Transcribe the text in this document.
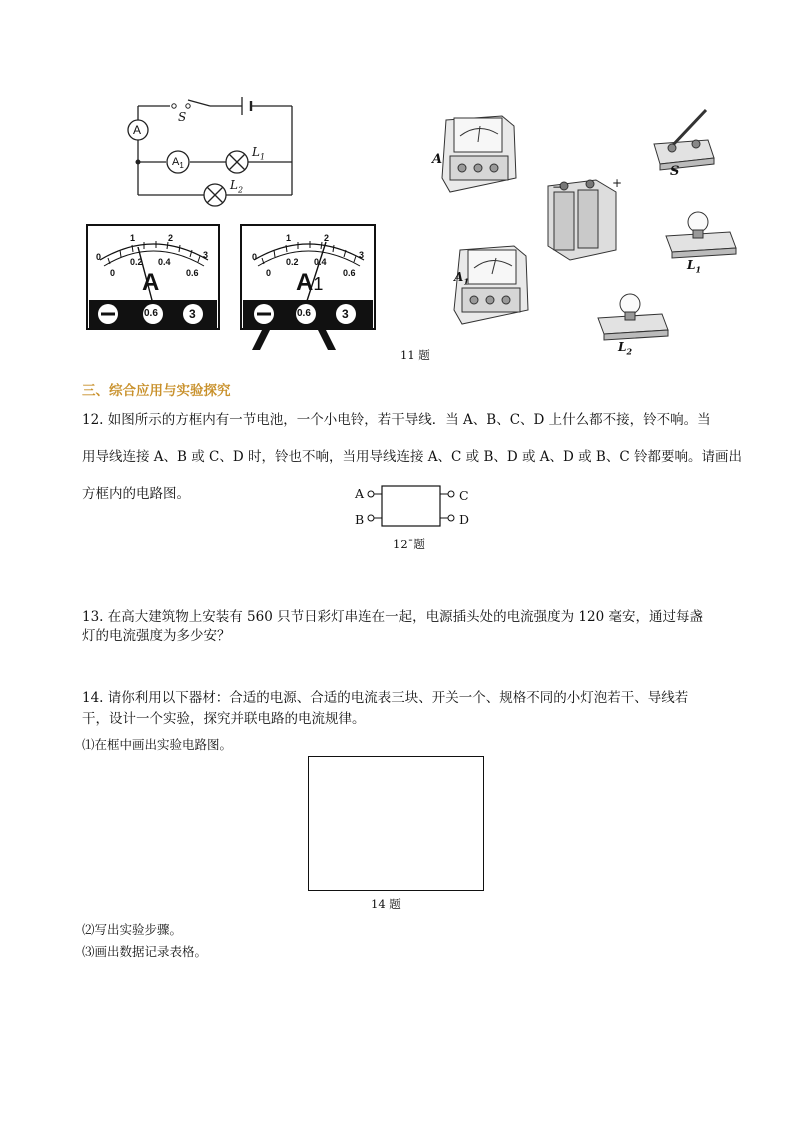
A
S
$A_1$
$L_1$
$L_2$
0
1	2
3
0
0.2 0.4
0.6
A
0.6	3
0
1	2
3
0
0.2 0.4
0.6
A1
0.6	3
A
$A_1$
S
$L_1$
$L_2$
−	+
11 题
三、综合应用与实验探究
12. 如图所示的方框内有一节电池，一个小电铃，若干导线．当 A、B、C、D 上什么都不接，铃不响。当
用导线连接 A、B 或 C、D 时，铃也不响，当用导线连接 A、C 或 B、D 或 A、D 或 B、C 铃都要响。请画出
方框内的电路图。	A
B
C
D
12ˉ题
13. 在高大建筑物上安装有 560 只节日彩灯串连在一起，电源插头处的电流强度为 120 毫安，通过每盏
灯的电流强度为多少安？
14. 请你利用以下器材：合适的电源、合适的电流表三块、开关一个、规格不同的小灯泡若干、导线若
干，设计一个实验，探究并联电路的电流规律。
⑴在框中画出实验电路图。
14 题
⑵写出实验步骤。
⑶画出数据记录表格。
